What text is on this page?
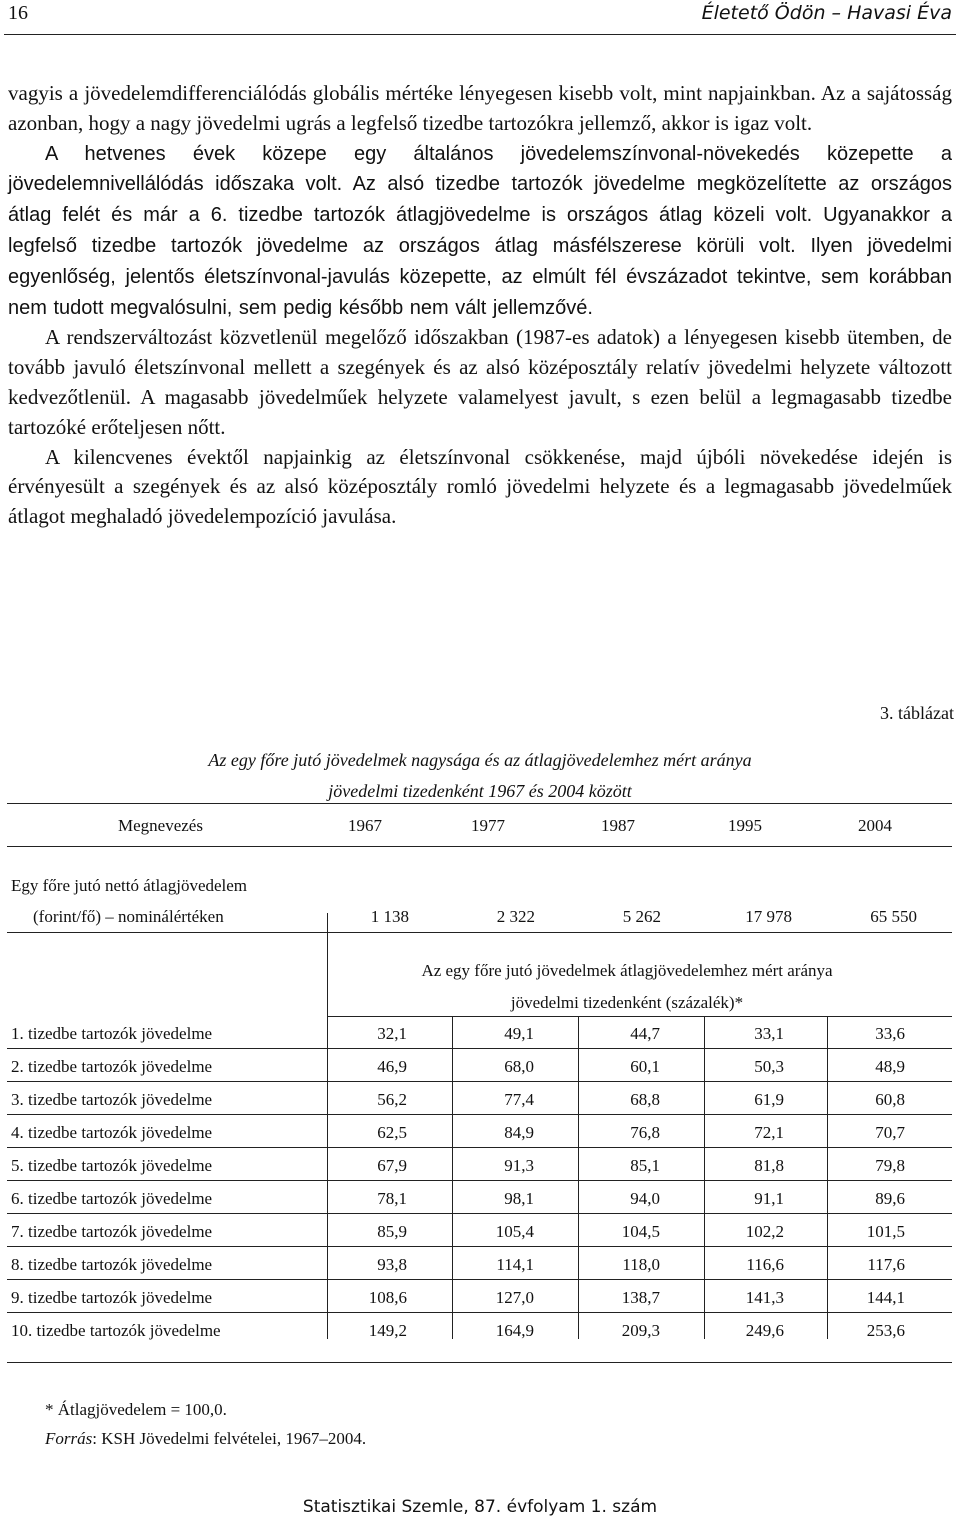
16	Életető Ödön – Havasi Éva

vagyis a jövedelemdifferenciálódás globális mértéke lényegesen kisebb volt, mint napjainkban. Az a sajátosság azonban, hogy a nagy jövedelmi ugrás a legfelső tizedbe tartozókra jellemző, akkor is igaz volt.

A hetvenes évek közepe egy általános jövedelemszínvonal-növekedés közepette a jövedelemnivellálódás időszaka volt. Az alsó tizedbe tartozók jövedelme megközelítette az országos átlag felét és már a 6. tizedbe tartozók átlagjövedelme is országos átlag közeli volt. Ugyanakkor a legfelső tizedbe tartozók jövedelme az országos átlag másfélszerese körüli volt. Ilyen jövedelmi egyenlőség, jelentős életszínvonal-javulás közepette, az elmúlt fél évszázadot tekintve, sem korábban nem tudott megvalósulni, sem pedig később nem vált jellemzővé.

A rendszerváltozást közvetlenül megelőző időszakban (1987-es adatok) a lényegesen kisebb ütemben, de tovább javuló életszínvonal mellett a szegények és az alsó középosztály relatív jövedelmi helyzete változott kedvezőtlenül. A magasabb jövedelműek helyzete valamelyest javult, s ezen belül a legmagasabb tizedbe tartozóké erőteljesen nőtt.

A kilencvenes évektől napjainkig az életszínvonal csökkenése, majd újbóli növekedése idején is érvényesült a szegények és az alsó középosztály romló jövedelmi helyzete és a legmagasabb jövedelműek átlagot meghaladó jövedelempozíció javulása.

3. táblázat
Az egy főre jutó jövedelmek nagysága és az átlagjövedelemhez mért aránya
jövedelmi tizedenként 1967 és 2004 között
Megnevezés	1967	1977	1987	1995	2004
Egy főre jutó nettó átlagjövedelem
(forint/fő) – nominálértéken	1 138	2 322	5 262	17 978	65 550
Az egy főre jutó jövedelmek átlagjövedelemhez mért aránya
jövedelmi tizedenként (százalék)*
1. tizedbe tartozók jövedelme	32,1	49,1	44,7	33,1	33,6
2. tizedbe tartozók jövedelme	46,9	68,0	60,1	50,3	48,9
3. tizedbe tartozók jövedelme	56,2	77,4	68,8	61,9	60,8
4. tizedbe tartozók jövedelme	62,5	84,9	76,8	72,1	70,7
5. tizedbe tartozók jövedelme	67,9	91,3	85,1	81,8	79,8
6. tizedbe tartozók jövedelme	78,1	98,1	94,0	91,1	89,6
7. tizedbe tartozók jövedelme	85,9	105,4	104,5	102,2	101,5
8. tizedbe tartozók jövedelme	93,8	114,1	118,0	116,6	117,6
9. tizedbe tartozók jövedelme	108,6	127,0	138,7	141,3	144,1
10. tizedbe tartozók jövedelme	149,2	164,9	209,3	249,6	253,6
* Átlagjövedelem = 100,0.
Forrás: KSH Jövedelmi felvételei, 1967–2004.
Statisztikai Szemle, 87. évfolyam 1. szám
